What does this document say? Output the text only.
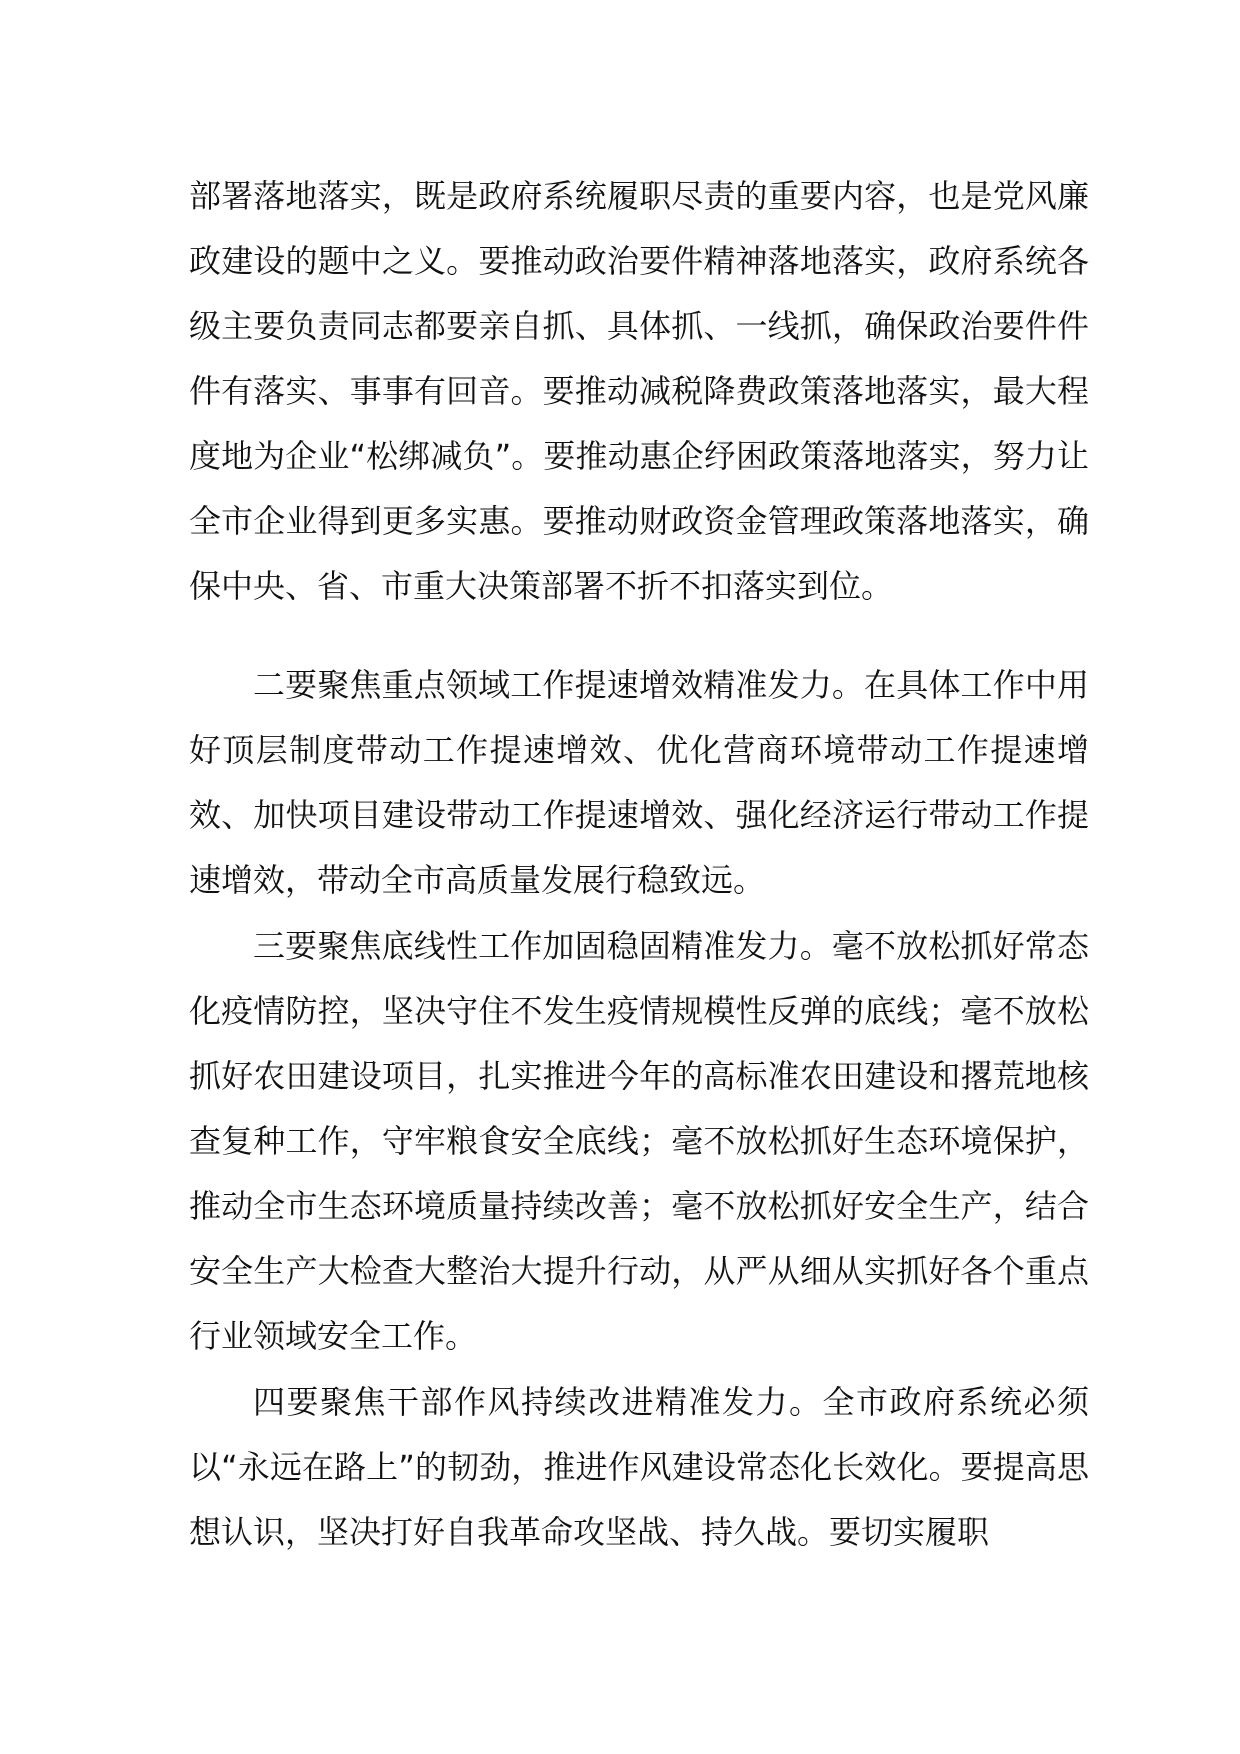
部署落地落实，既是政府系统履职尽责的重要内容，也是党风廉政建设的题中之义。要推动政治要件精神落地落实，政府系统各级主要负责同志都要亲自抓、具体抓、一线抓，确保政治要件件件有落实、事事有回音。要推动减税降费政策落地落实，最大程度地为企业“松绑减负”。要推动惠企纾困政策落地落实，努力让全市企业得到更多实惠。要推动财政资金管理政策落地落实，确保中央、省、市重大决策部署不折不扣落实到位。

二要聚焦重点领域工作提速增效精准发力。在具体工作中用好顶层制度带动工作提速增效、优化营商环境带动工作提速增效、加快项目建设带动工作提速增效、强化经济运行带动工作提速增效，带动全市高质量发展行稳致远。

三要聚焦底线性工作加固稳固精准发力。毫不放松抓好常态化疫情防控，坚决守住不发生疫情规模性反弹的底线；毫不放松抓好农田建设项目，扎实推进今年的高标准农田建设和撂荒地核查复种工作，守牢粮食安全底线；毫不放松抓好生态环境保护，推动全市生态环境质量持续改善；毫不放松抓好安全生产，结合安全生产大检查大整治大提升行动，从严从细从实抓好各个重点行业领域安全工作。

四要聚焦干部作风持续改进精准发力。全市政府系统必须以“永远在路上”的韧劲，推进作风建设常态化长效化。要提高思想认识，坚决打好自我革命攻坚战、持久战。要切实履职
